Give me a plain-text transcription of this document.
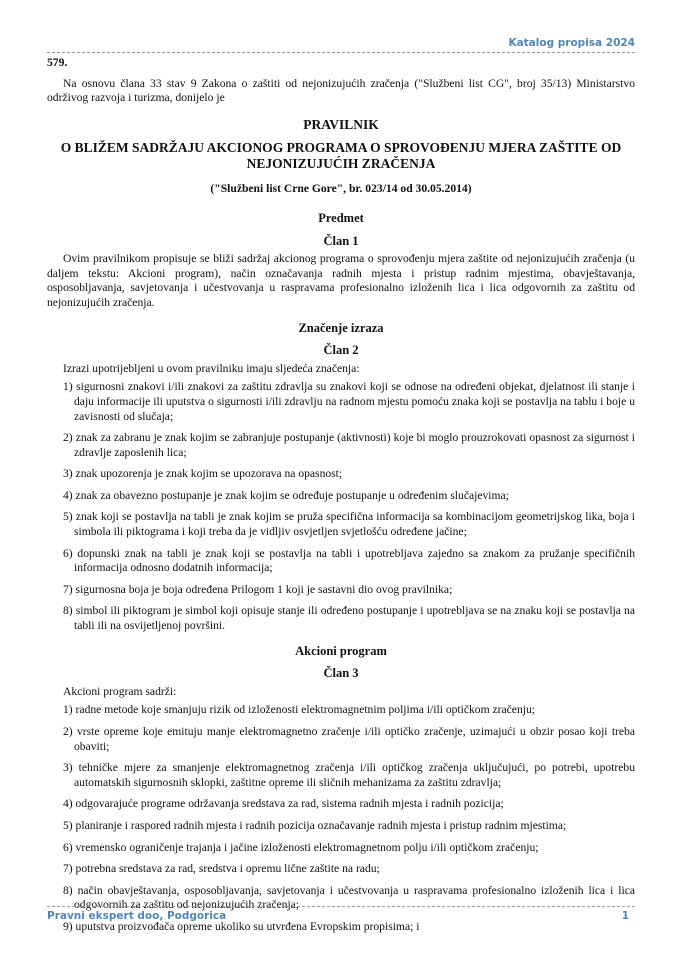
Katalog propisa 2024

579.

Na osnovu člana 33 stav 9 Zakona o zaštiti od nejonizujućih zračenja ("Službeni list CG", broj 35/13) Ministarstvo održivog razvoja i turizma, donijelo je

PRAVILNIK
O BLIŽEM SADRŽAJU AKCIONOG PROGRAMA O SPROVOĐENJU MJERA ZAŠTITE OD NEJONIZUJUĆIH ZRAČENJA
("Službeni list Crne Gore", br. 023/14 od 30.05.2014)
Predmet
Član 1

Ovim pravilnikom propisuje se bliži sadržaj akcionog programa o sprovođenju mjera zaštite od nejonizujućih zračenja (u daljem tekstu: Akcioni program), način označavanja radnih mjesta i pristup radnim mjestima, obavještavanja, osposobljavanja, savjetovanja i učestvovanja u raspravama profesionalno izloženih lica i lica odgovornih za zaštitu od nejonizujućih zračenja.

Značenje izraza
Član 2

Izrazi upotrijebljeni u ovom pravilniku imaju sljedeća značenja:

1) sigurnosni znakovi i/ili znakovi za zaštitu zdravlja su znakovi koji se odnose na određeni objekat, djelatnost ili stanje i daju informacije ili uputstva o sigurnosti i/ili zdravlju na radnom mjestu pomoću znaka koji se postavlja na tablu i boje u zavisnosti od slučaja;
2) znak za zabranu je znak kojim se zabranjuje postupanje (aktivnosti) koje bi moglo prouzrokovati opasnost za sigurnost i zdravlje zaposlenih lica;
3) znak upozorenja je znak kojim se upozorava na opasnost;
4) znak za obavezno postupanje je znak kojim se određuje postupanje u određenim slučajevima;
5) znak koji se postavlja na tabli je znak kojim se pruža specifična informacija sa kombinacijom geometrijskog lika, boja i simbola ili piktograma i koji treba da je vidljiv osvjetljen svjetlošću određene jačine;
6) dopunski znak na tabli je znak koji se postavlja na tabli i upotrebljava zajedno sa znakom za pružanje specifičnih informacija odnosno dodatnih informacija;
7) sigurnosna boja je boja određena Prilogom 1 koji je sastavni dio ovog pravilnika;
8) simbol ili piktogram je simbol koji opisuje stanje ili određeno postupanje i upotrebljava se na znaku koji se postavlja na tabli ili na osvijetljenoj površini.
Akcioni program
Član 3

Akcioni program sadrži:

1) radne metode koje smanjuju rizik od izloženosti elektromagnetnim poljima i/ili optičkom zračenju;
2) vrste opreme koje emituju manje elektromagnetno zračenje i/ili optičko zračenje, uzimajući u obzir posao koji treba obaviti;
3) tehničke mjere za smanjenje elektromagnetnog zračenja i/ili optičkog zračenja uključujući, po potrebi, upotrebu automatskih sigurnosnih sklopki, zaštitne opreme ili sličnih mehanizama za zaštitu zdravlja;
4) odgovarajuće programe održavanja sredstava za rad, sistema radnih mjesta i radnih pozicija;
5) planiranje i raspored radnih mjesta i radnih pozicija označavanje radnih mjesta i pristup radnim mjestima;
6) vremensko ograničenje trajanja i jačine izloženosti elektromagnetnom polju i/ili optičkom zračenju;
7) potrebna sredstava za rad, sredstva i opremu lične zaštite na radu;
8) način obavještavanja, osposobljavanja, savjetovanja i učestvovanja u raspravama profesionalno izloženih lica i lica odgovornih za zaštitu od nejonizujućih zračenja;
9) uputstva proizvođača opreme ukoliko su utvrđena Evropskim propisima; i
Pravni ekspert doo, Podgorica	1
